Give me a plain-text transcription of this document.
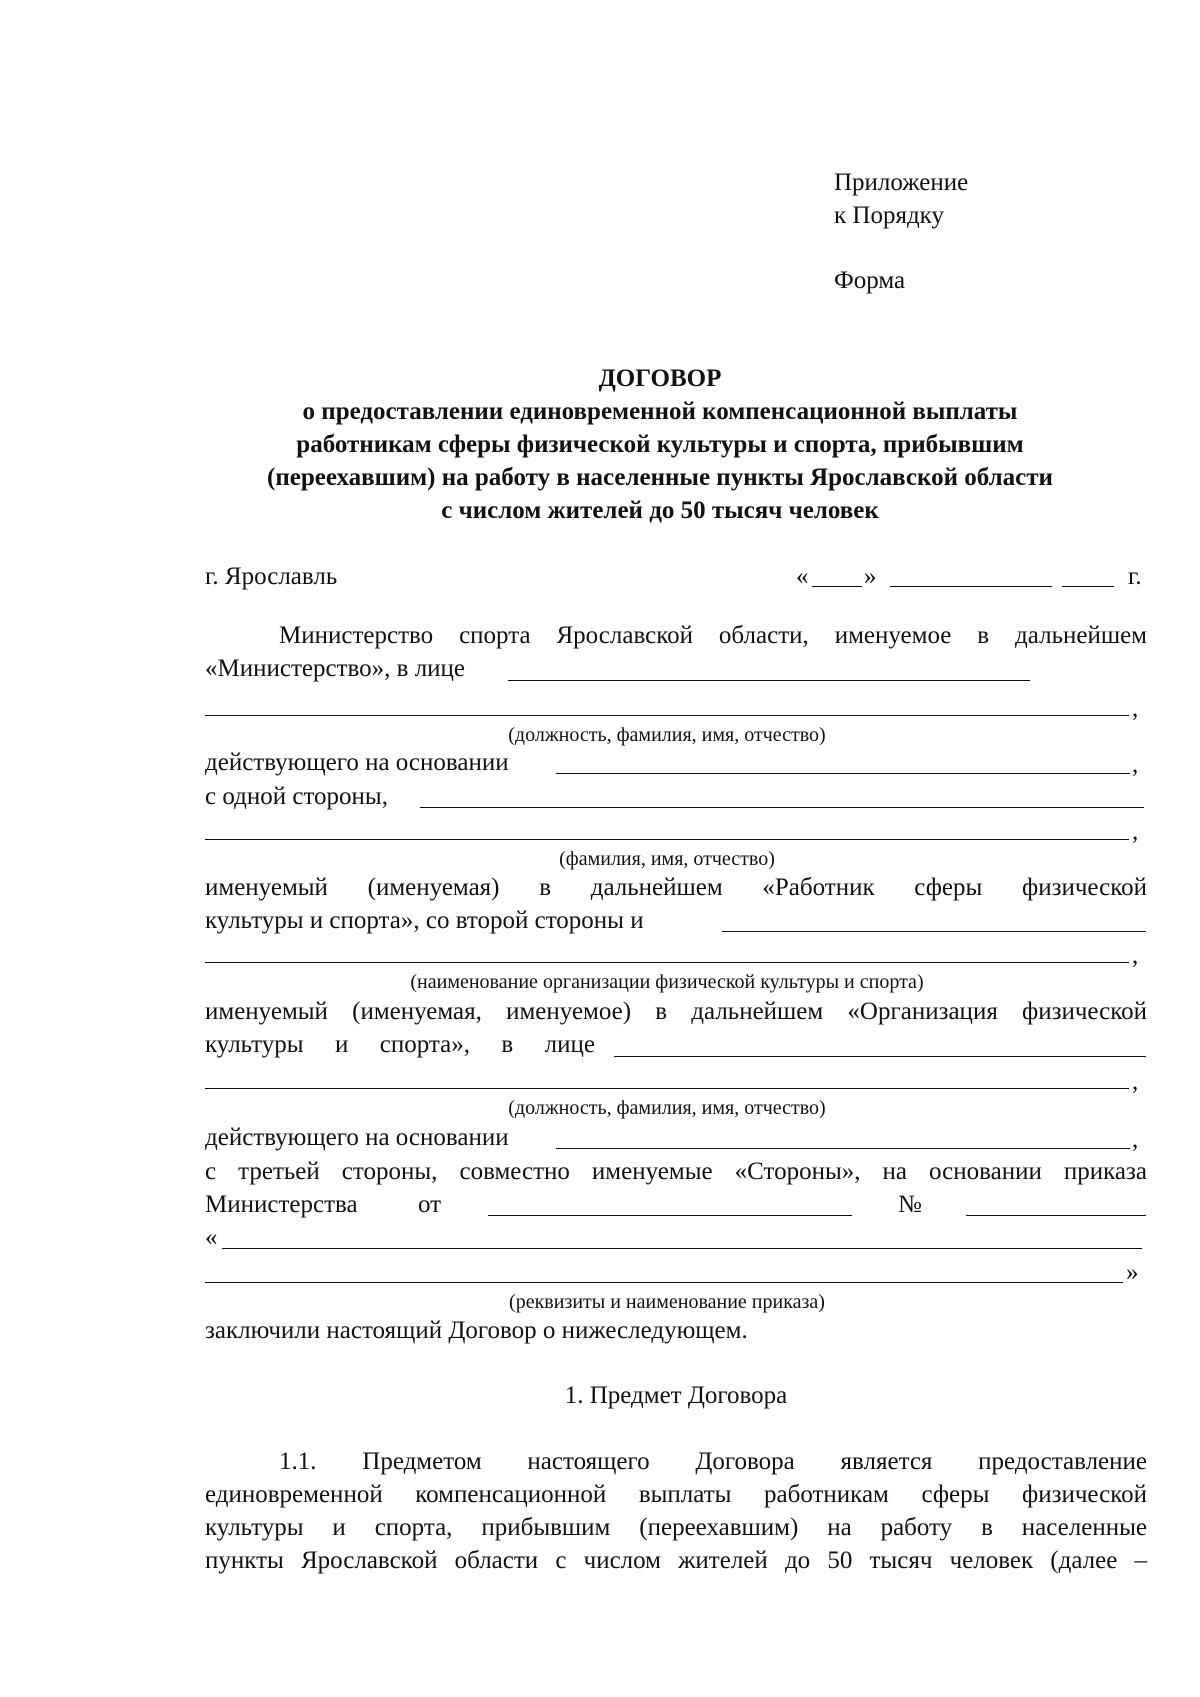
Приложение
к Порядку
Форма
ДОГОВОР
о предоставлении единовременной компенсационной выплаты
работникам сферы физической культуры и спорта, прибывшим
(переехавшим) на работу в населенные пункты Ярославской области
с числом жителей до 50 тысяч человек
г. Ярославль	« »	г.
Министерство спорта Ярославской области, именуемое в дальнейшем
«Министерство», в лице
,
(должность, фамилия, имя, отчество)
действующего на основании	,
с одной стороны,
,
(фамилия, имя, отчество)
именуемый (именуемая) в дальнейшем «Работник сферы физической
культуры и спорта», со второй стороны и
,
(наименование организации физической культуры и спорта)
именуемый (именуемая, именуемое) в дальнейшем «Организация физической
культуры и спорта», в лице
,
(должность, фамилия, имя, отчество)
действующего на основании	,
с третьей стороны, совместно именуемые «Стороны», на основании приказа
Министерства от	№
«
»
(реквизиты и наименование приказа)
заключили настоящий Договор о нижеследующем.
1. Предмет Договора
1.1. Предметом настоящего Договора является предоставление
единовременной компенсационной выплаты работникам сферы физической
культуры и спорта, прибывшим (переехавшим) на работу в населенные
пункты Ярославской области с числом жителей до 50 тысяч человек (далее –
